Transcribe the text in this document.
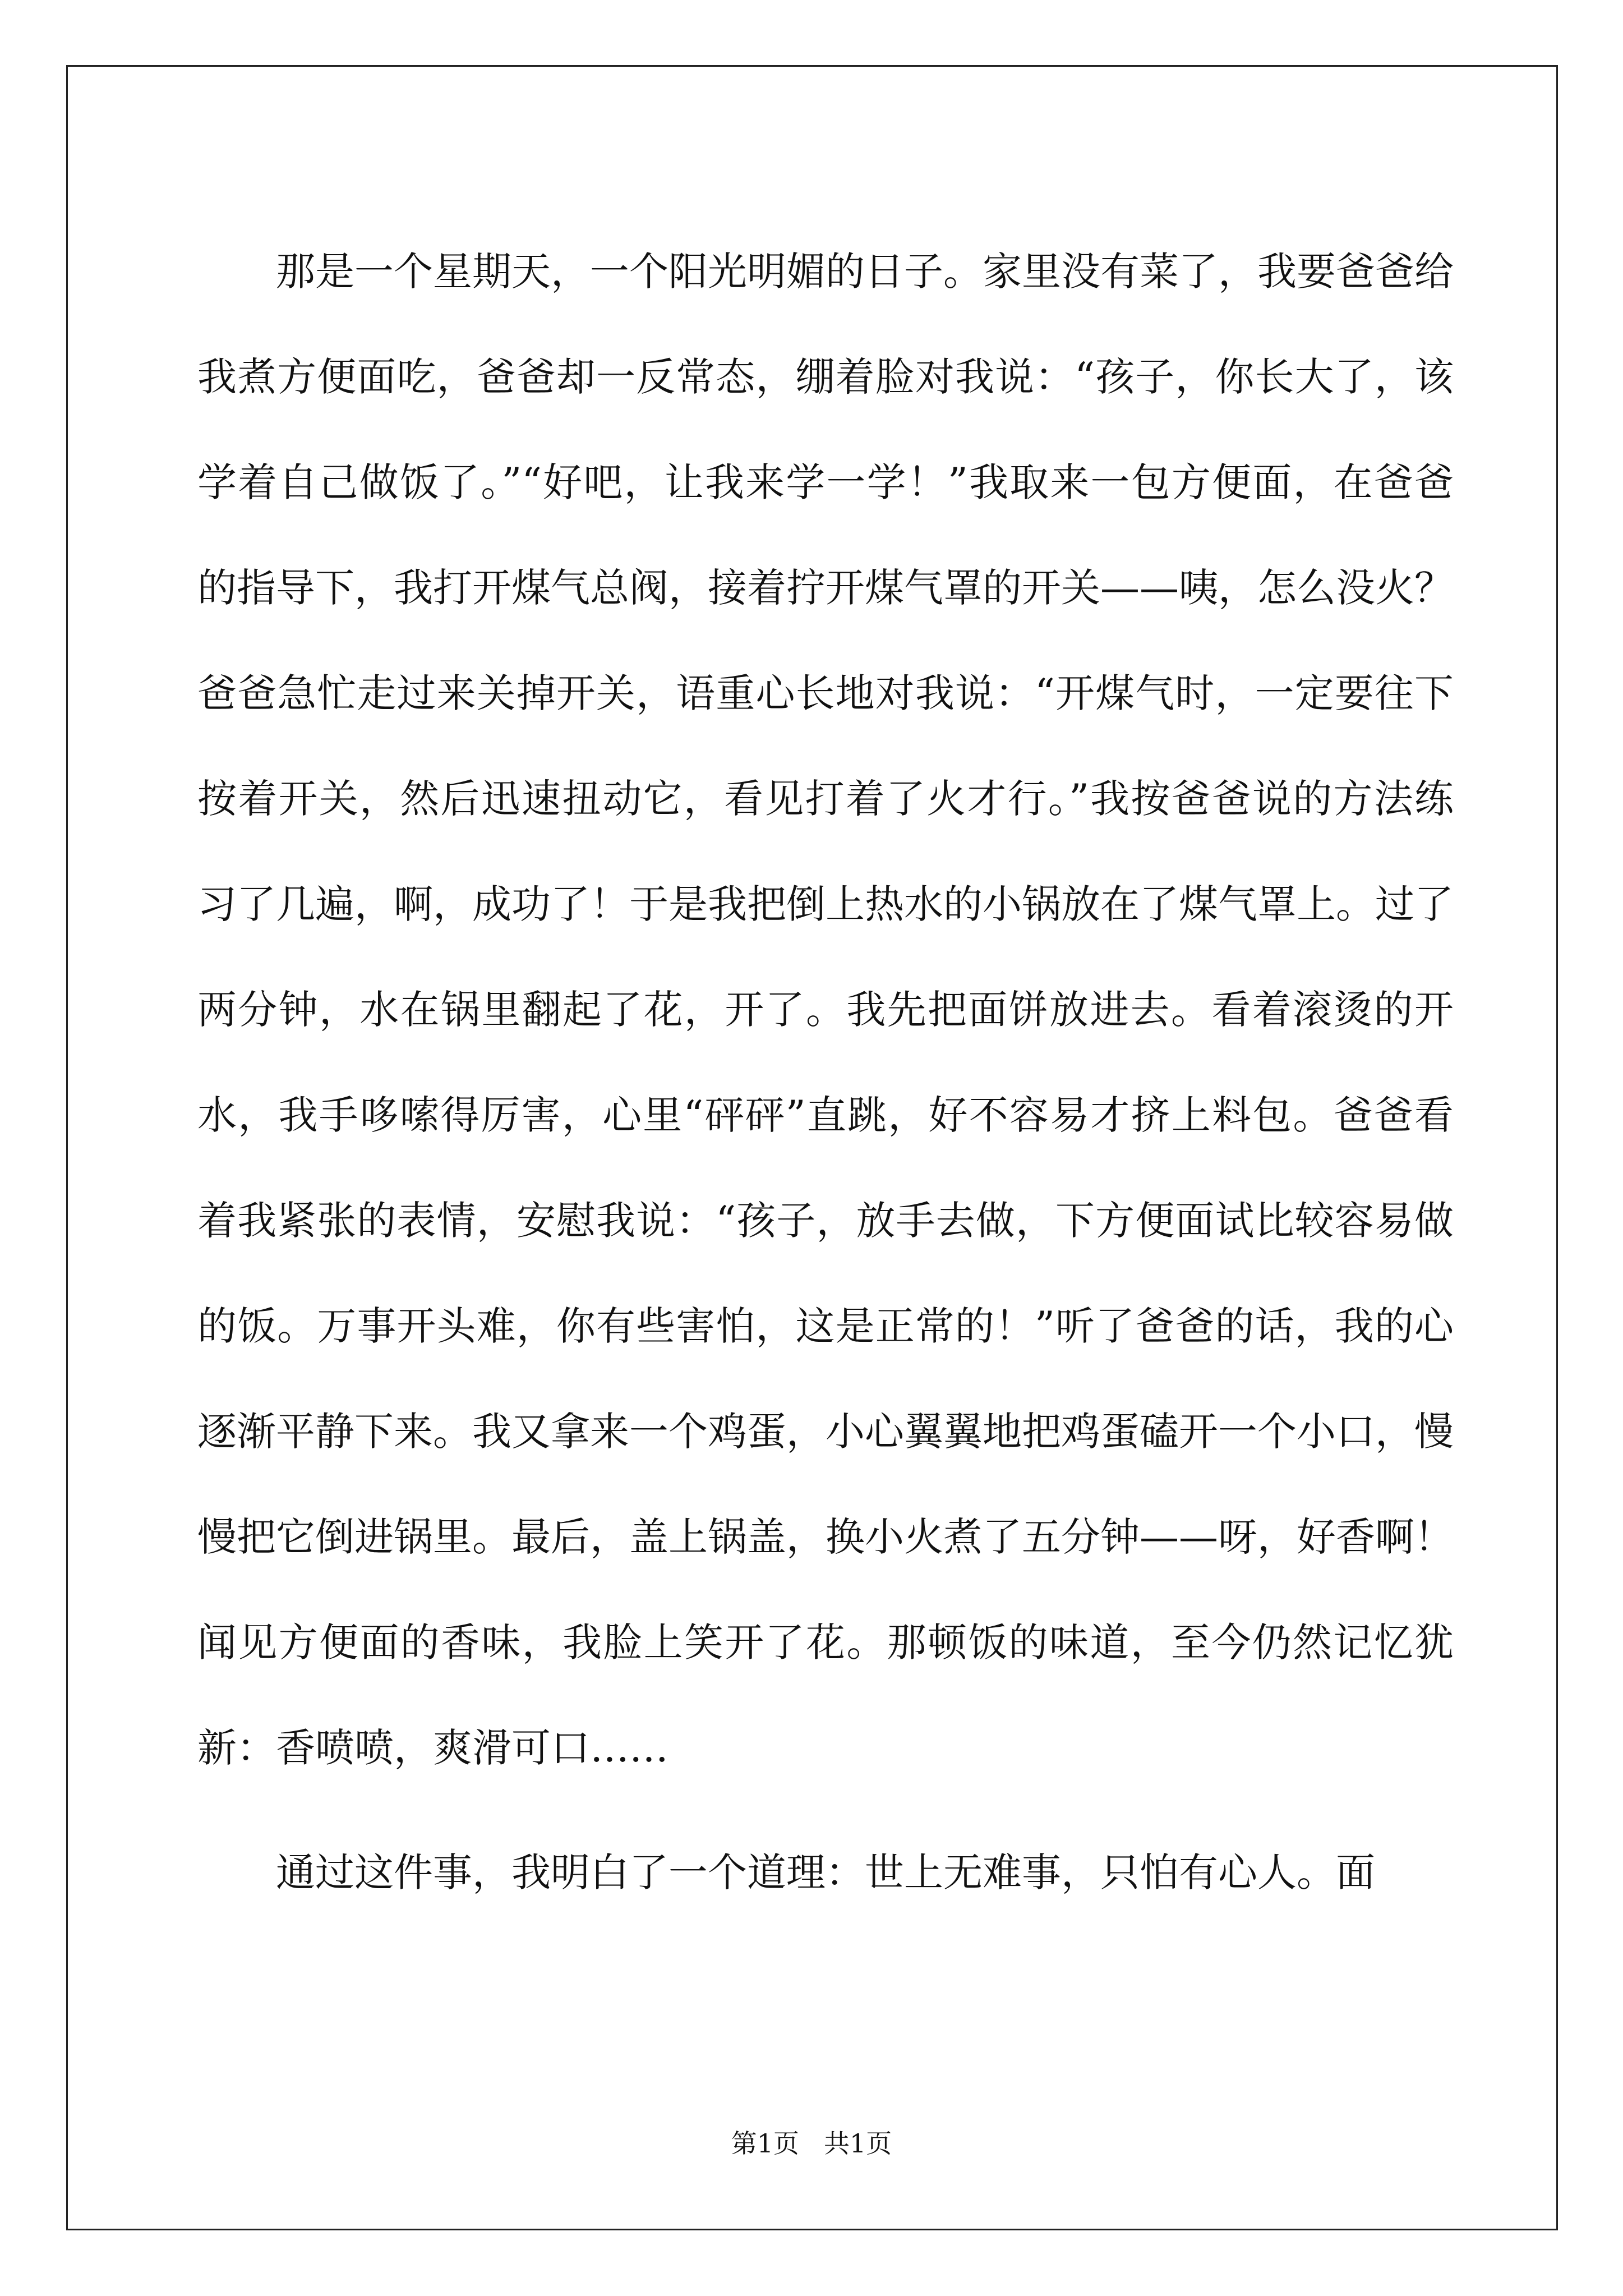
那是一个星期天，一个阳光明媚的日子。家里没有菜了，我要爸爸给我煮方便面吃，爸爸却一反常态，绷着脸对我说：“孩子，你长大了，该学着自己做饭了。”“好吧，让我来学一学！”我取来一包方便面，在爸爸的指导下，我打开煤气总阀，接着拧开煤气罩的开关——咦，怎么没火？爸爸急忙走过来关掉开关，语重心长地对我说：“开煤气时，一定要往下按着开关，然后迅速扭动它，看见打着了火才行。”我按爸爸说的方法练习了几遍，啊，成功了！于是我把倒上热水的小锅放在了煤气罩上。过了两分钟，水在锅里翻起了花，开了。我先把面饼放进去。看着滚烫的开水，我手哆嗦得厉害，心里“砰砰”直跳，好不容易才挤上料包。爸爸看着我紧张的表情，安慰我说：“孩子，放手去做，下方便面试比较容易做的饭。万事开头难，你有些害怕，这是正常的！”听了爸爸的话，我的心逐渐平静下来。我又拿来一个鸡蛋，小心翼翼地把鸡蛋磕开一个小口，慢慢把它倒进锅里。最后，盖上锅盖，换小火煮了五分钟——呀，好香啊！闻见方便面的香味，我脸上笑开了花。那顿饭的味道，至今仍然记忆犹新：香喷喷，爽滑可口……

通过这件事，我明白了一个道理：世上无难事，只怕有心人。面

第1页 共1页
